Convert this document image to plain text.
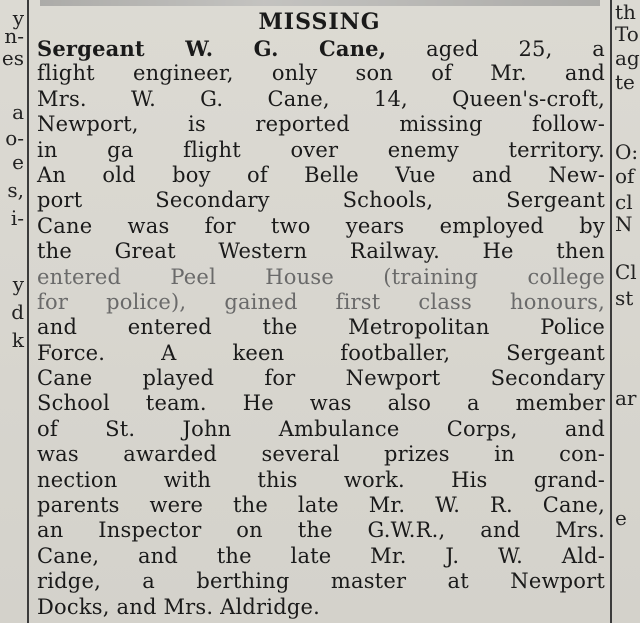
y
n-
es
a
o-
e
s,
i-
y
d
k
th
To
ag
te
O:
of
cl
N
Cl
st
ar
e
MISSING
Sergeant W. G. Cane, aged 25, a
flight engineer, only son of Mr. and
Mrs. W. G. Cane, 14, Queen's-croft,
Newport, is reported missing follow-
in ga flight over enemy territory.
An old boy of Belle Vue and New-
port Secondary Schools, Sergeant
Cane was for two years employed by
the Great Western Railway. He then
entered Peel House (training college
for police), gained first class honours,
and entered the Metropolitan Police
Force. A keen footballer, Sergeant
Cane played for Newport Secondary
School team. He was also a member
of St. John Ambulance Corps, and
was awarded several prizes in con-
nection with this work. His grand-
parents were the late Mr. W. R. Cane,
an Inspector on the G.W.R., and Mrs.
Cane, and the late Mr. J. W. Ald-
ridge, a berthing master at Newport
Docks, and Mrs. Aldridge.
